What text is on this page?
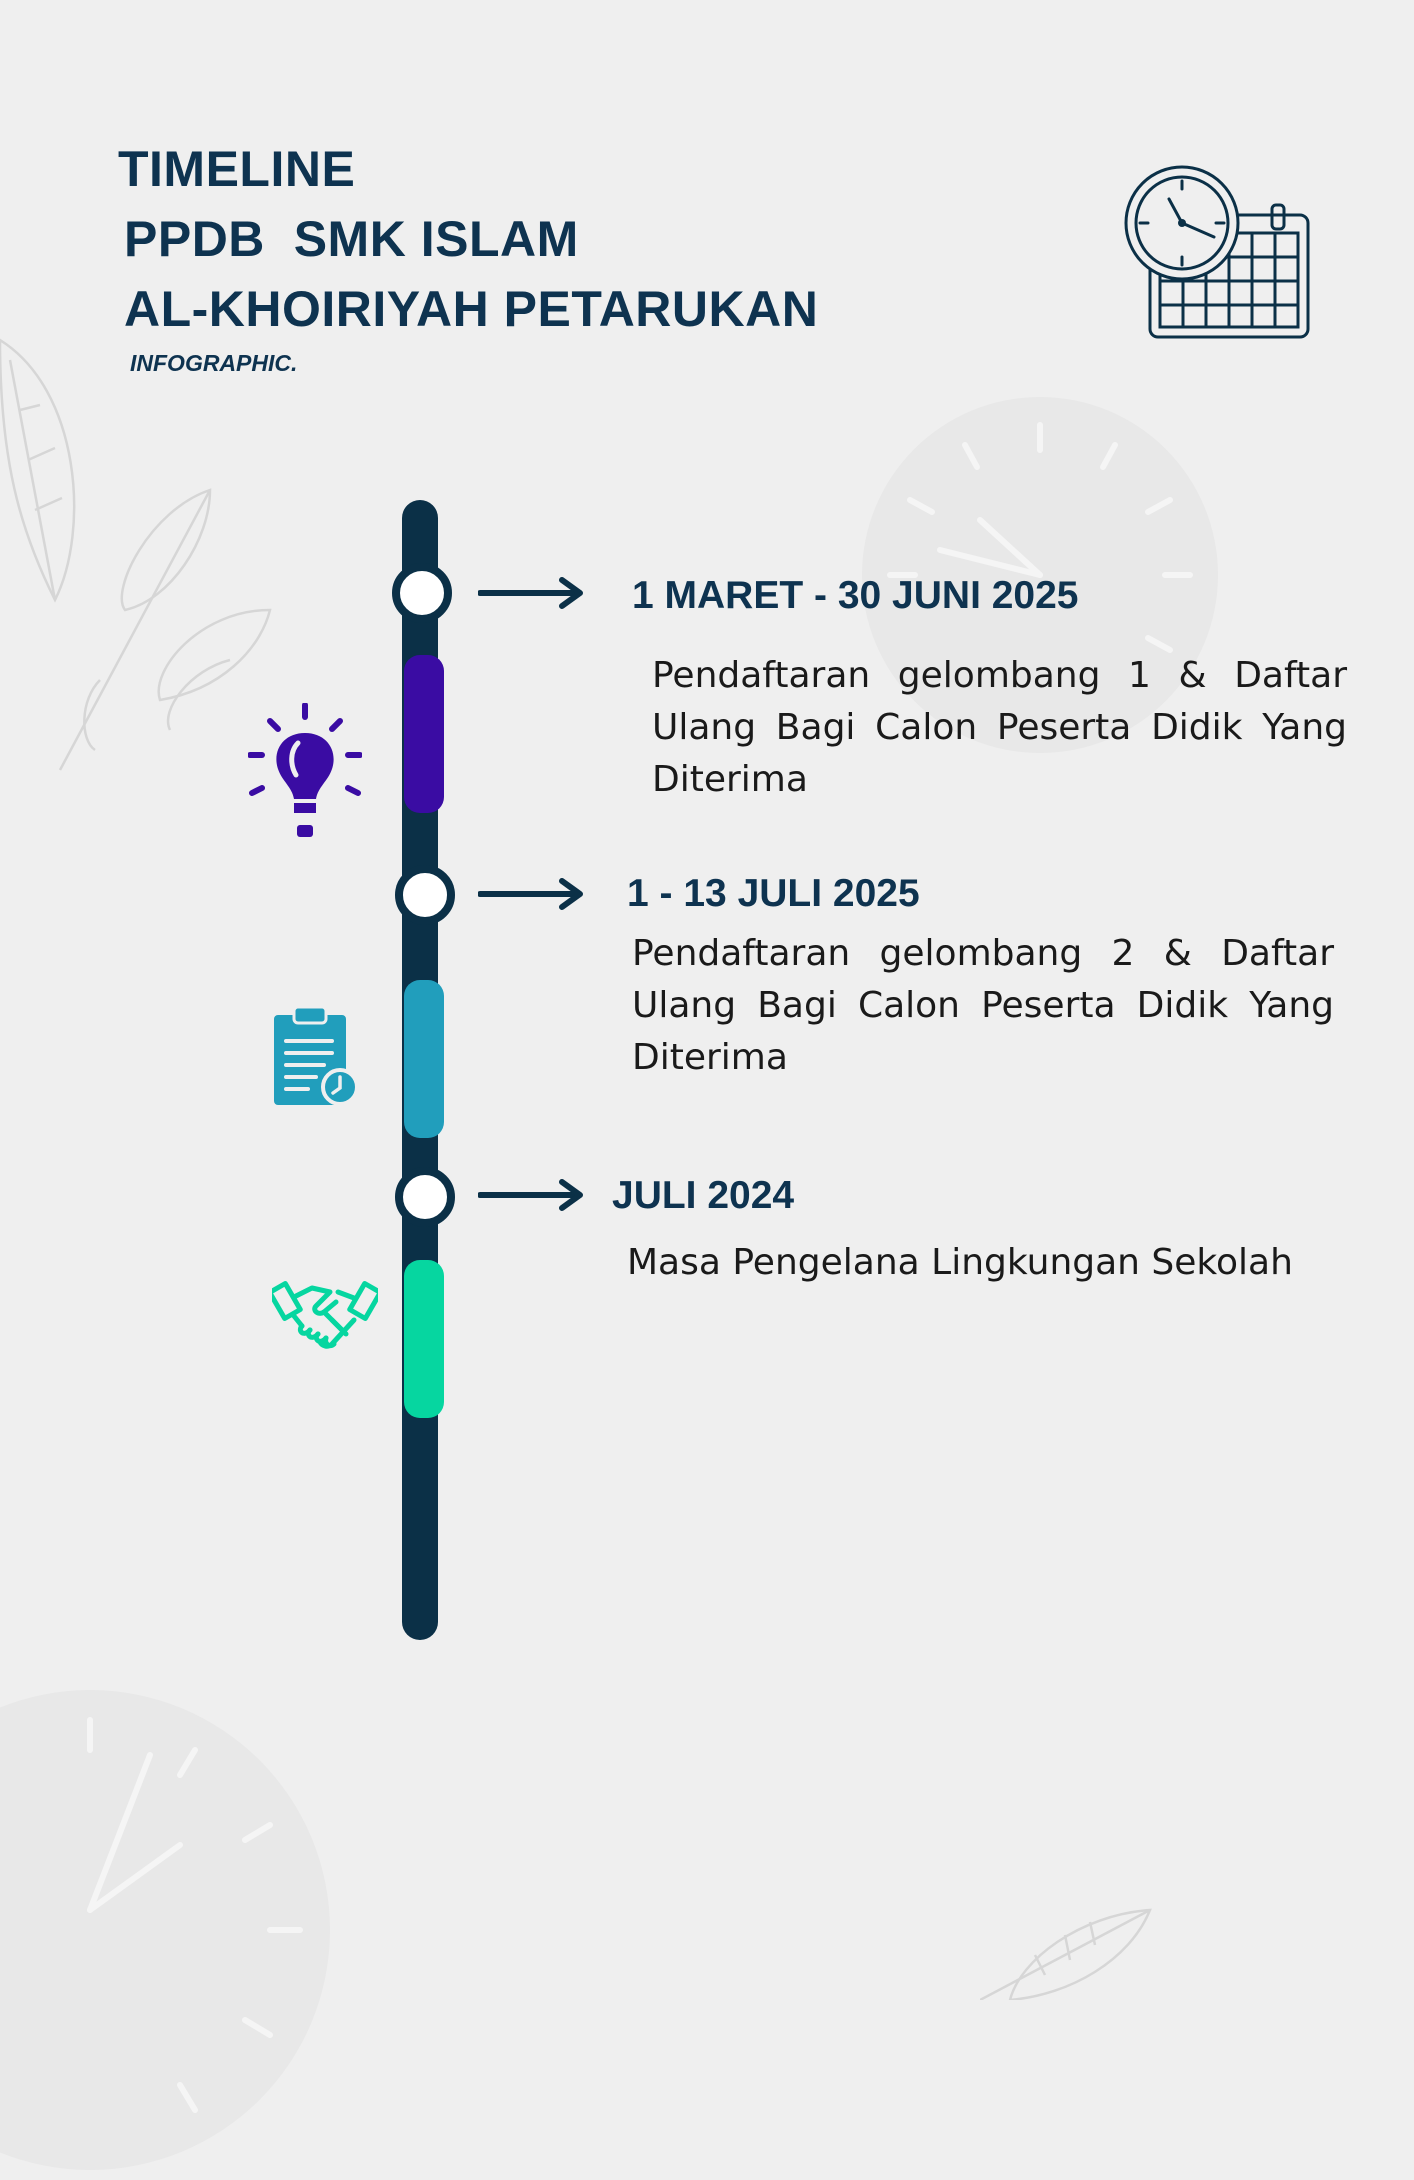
TIMELINE
PPDB  SMK ISLAM
AL-KHOIRIYAH PETARUKAN
INFOGRAPHIC.
1 MARET - 30 JUNI 2025
Pendaftaran gelombang 1 & Daftar Ulang Bagi Calon Peserta Didik Yang Diterima
1 - 13 JULI 2025
Pendaftaran gelombang 2 & Daftar Ulang Bagi Calon Peserta Didik Yang Diterima
JULI 2024
Masa Pengelana Lingkungan Sekolah
